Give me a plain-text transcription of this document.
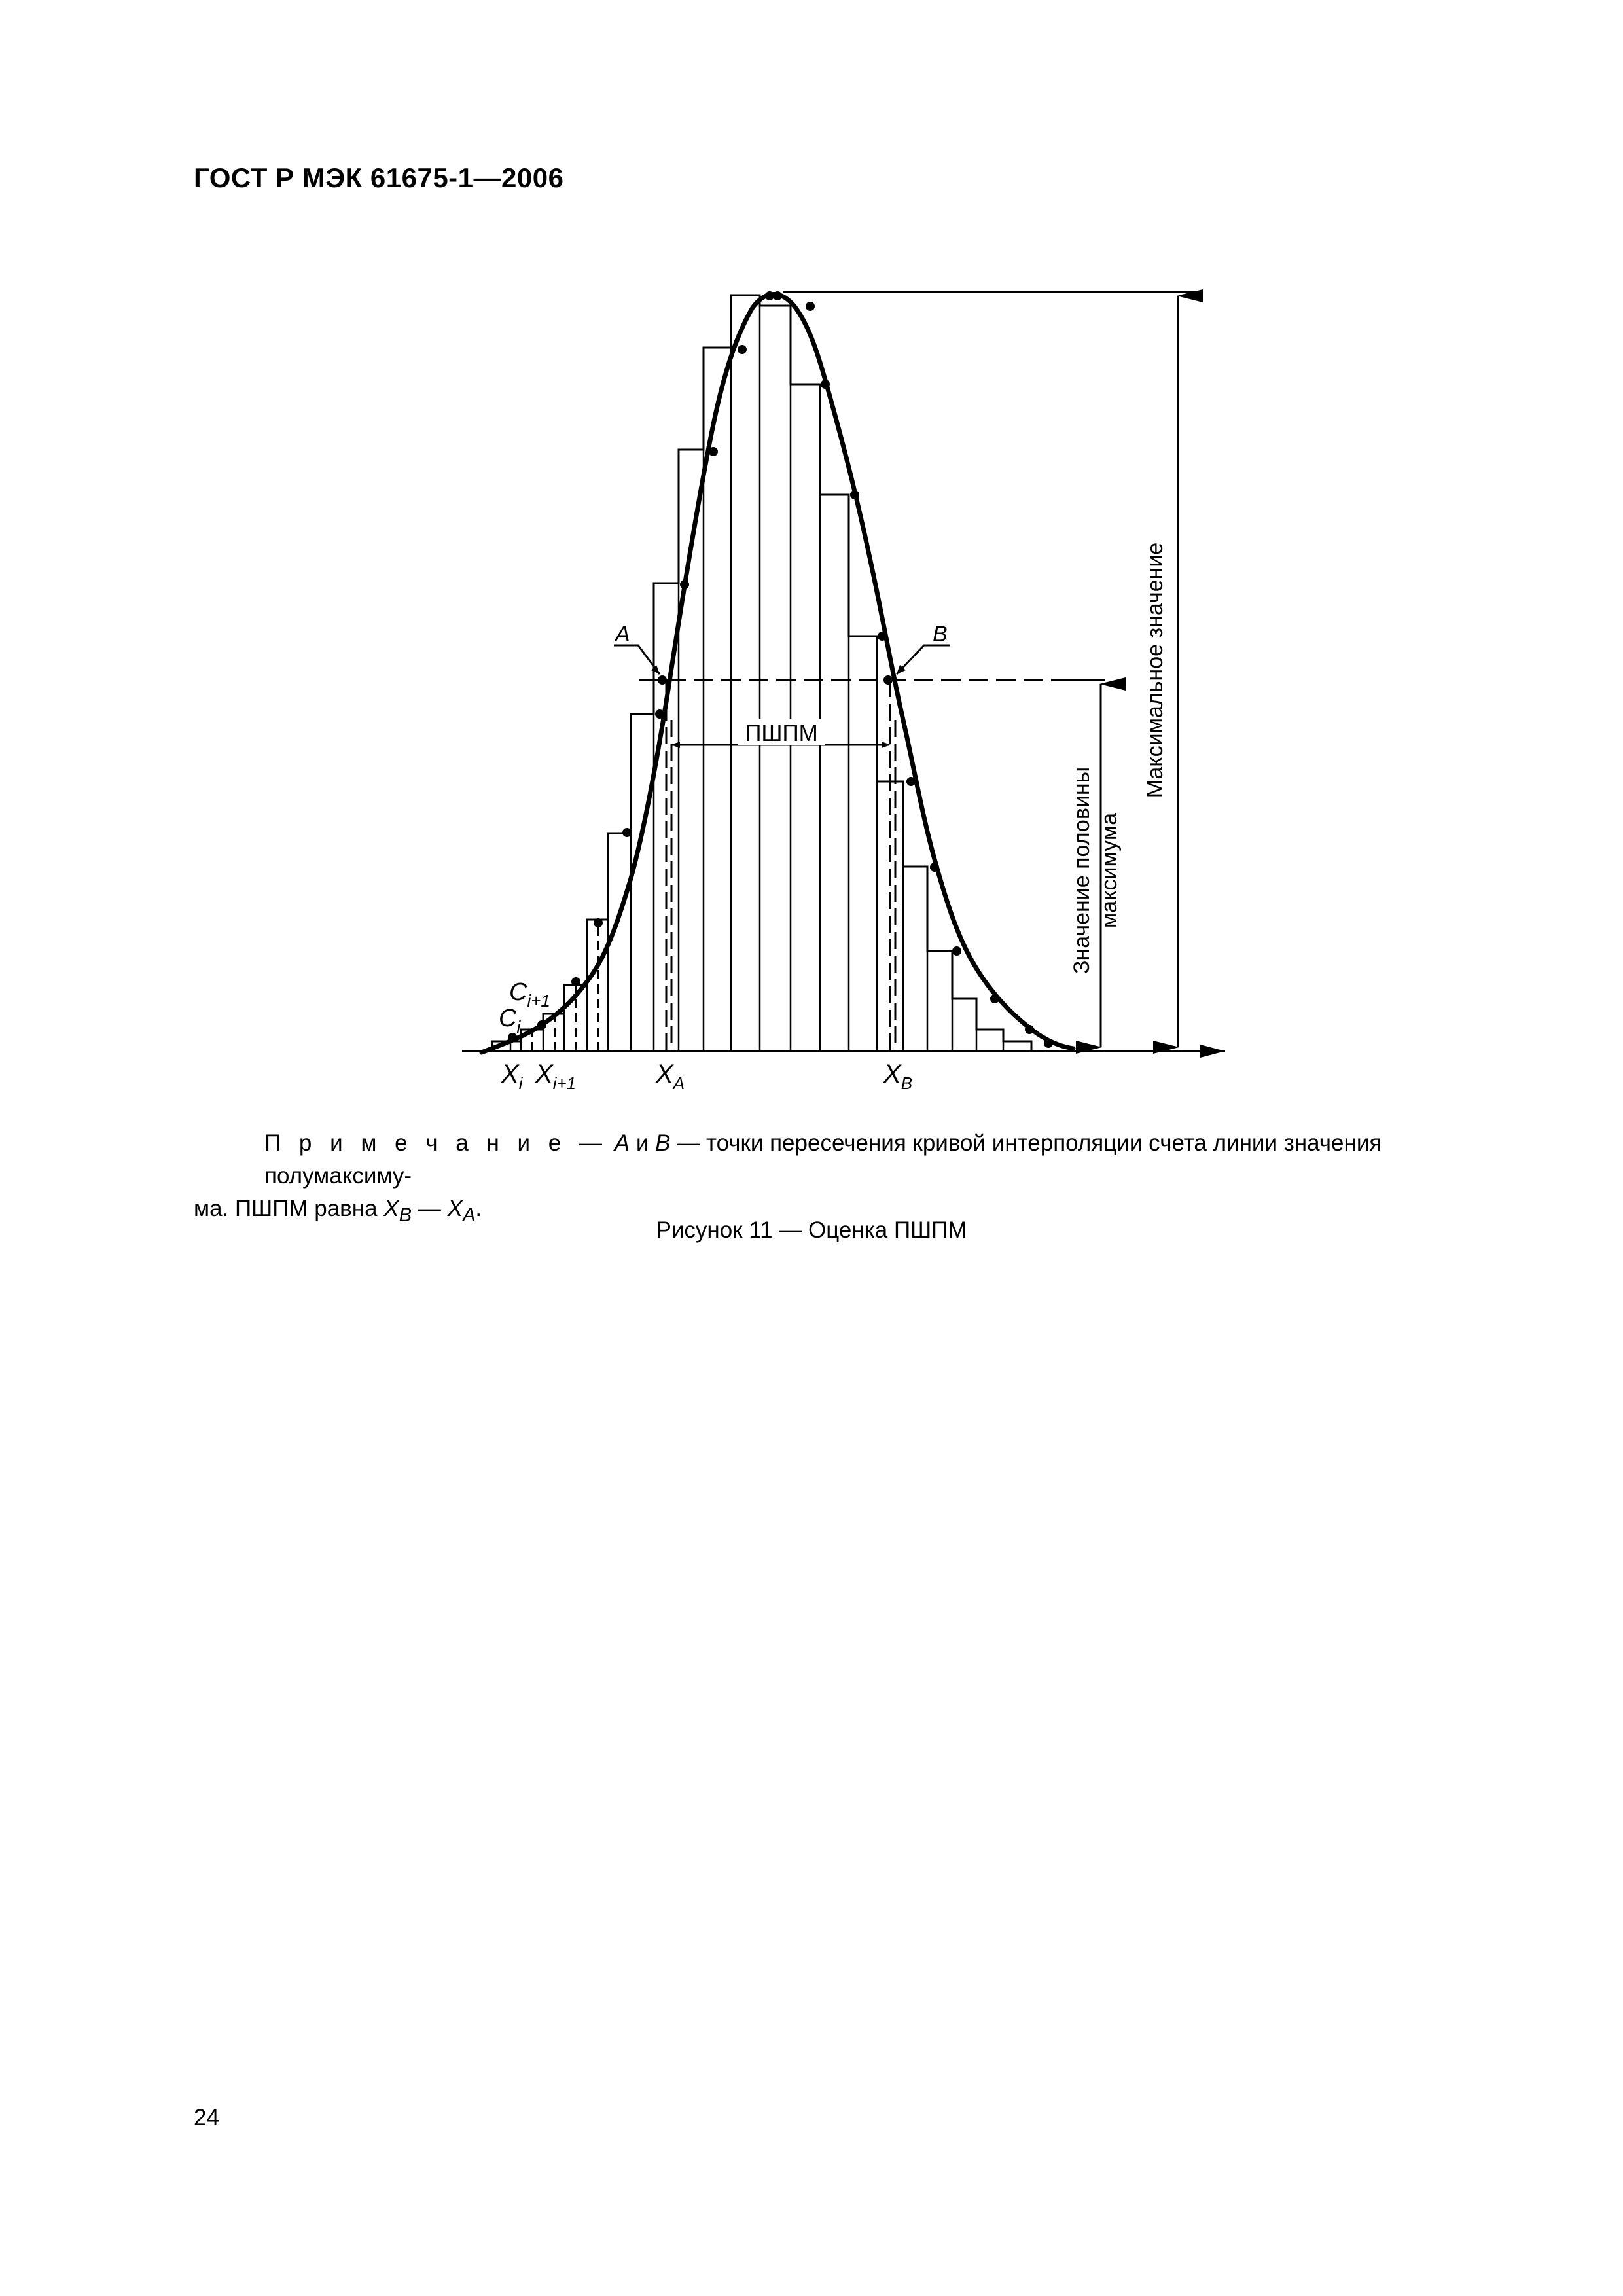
ГОСТ Р МЭК 61675-1—2006
ПШПМ
A	B	Максимальное значение
Значение половины максимума
$C_{i+1}$
$C_i$
$X_i$ $X_{i+1}$	$X_A$	$X_B$
П р и м е ч а н и е — A и B — точки пересечения кривой интерполяции счета линии значения полумаксиму-
ма. ПШПМ равна $X_B$ — $X_A$.
Рисунок 11 — Оценка ПШПМ
24
